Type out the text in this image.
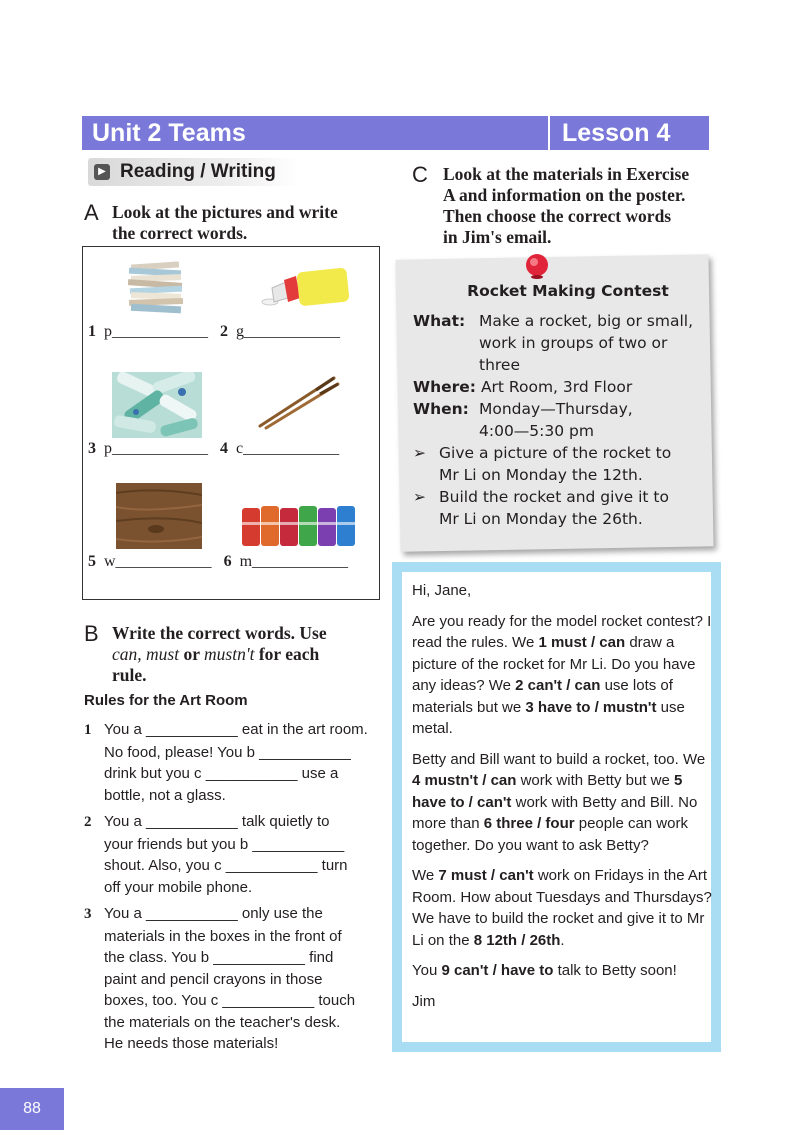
Unit 2 Teams	Lesson 4
▶ Reading / Writing
A Look at the pictures and write
the correct words.
1 p____________ 2 g____________
3 p____________ 4 c____________
5 w____________ 6 m____________
B Write the correct words. Use
can, must or mustn't for each
rule.
Rules for the Art Room
1 You a ___________ eat in the art room.
No food, please! You b ___________
drink but you c ___________ use a
bottle, not a glass.
2 You a ___________ talk quietly to
your friends but you b ___________
shout. Also, you c ___________ turn
off your mobile phone.
3 You a ___________ only use the
materials in the boxes in the front of
the class. You b ___________ find
paint and pencil crayons in those
boxes, too. You c ___________ touch
the materials on the teacher's desk.
He needs those materials!
C Look at the materials in Exercise
A and information on the poster.
Then choose the correct words
in Jim's email.
Rocket Making Contest
What: Make a rocket, big or small,
work in groups of two or
three
Where: Art Room, 3rd Floor
When: Monday—Thursday,
4:00—5:30 pm
➢ Give a picture of the rocket to
Mr Li on Monday the 12th.
➢ Build the rocket and give it to
Mr Li on Monday the 26th.

Hi, Jane,

Are you ready for the model rocket contest? I read the rules. We 1 must / can draw a picture of the rocket for Mr Li. Do you have any ideas? We 2 can't / can use lots of materials but we 3 have to / mustn't use metal.

Betty and Bill want to build a rocket, too. We 4 mustn't / can work with Betty but we 5 have to / can't work with Betty and Bill. No more than 6 three / four people can work together. Do you want to ask Betty?

We 7 must / can't work on Fridays in the Art Room. How about Tuesdays and Thursdays? We have to build the rocket and give it to Mr Li on the 8 12th / 26th.

You 9 can't / have to talk to Betty soon!

Jim

88
